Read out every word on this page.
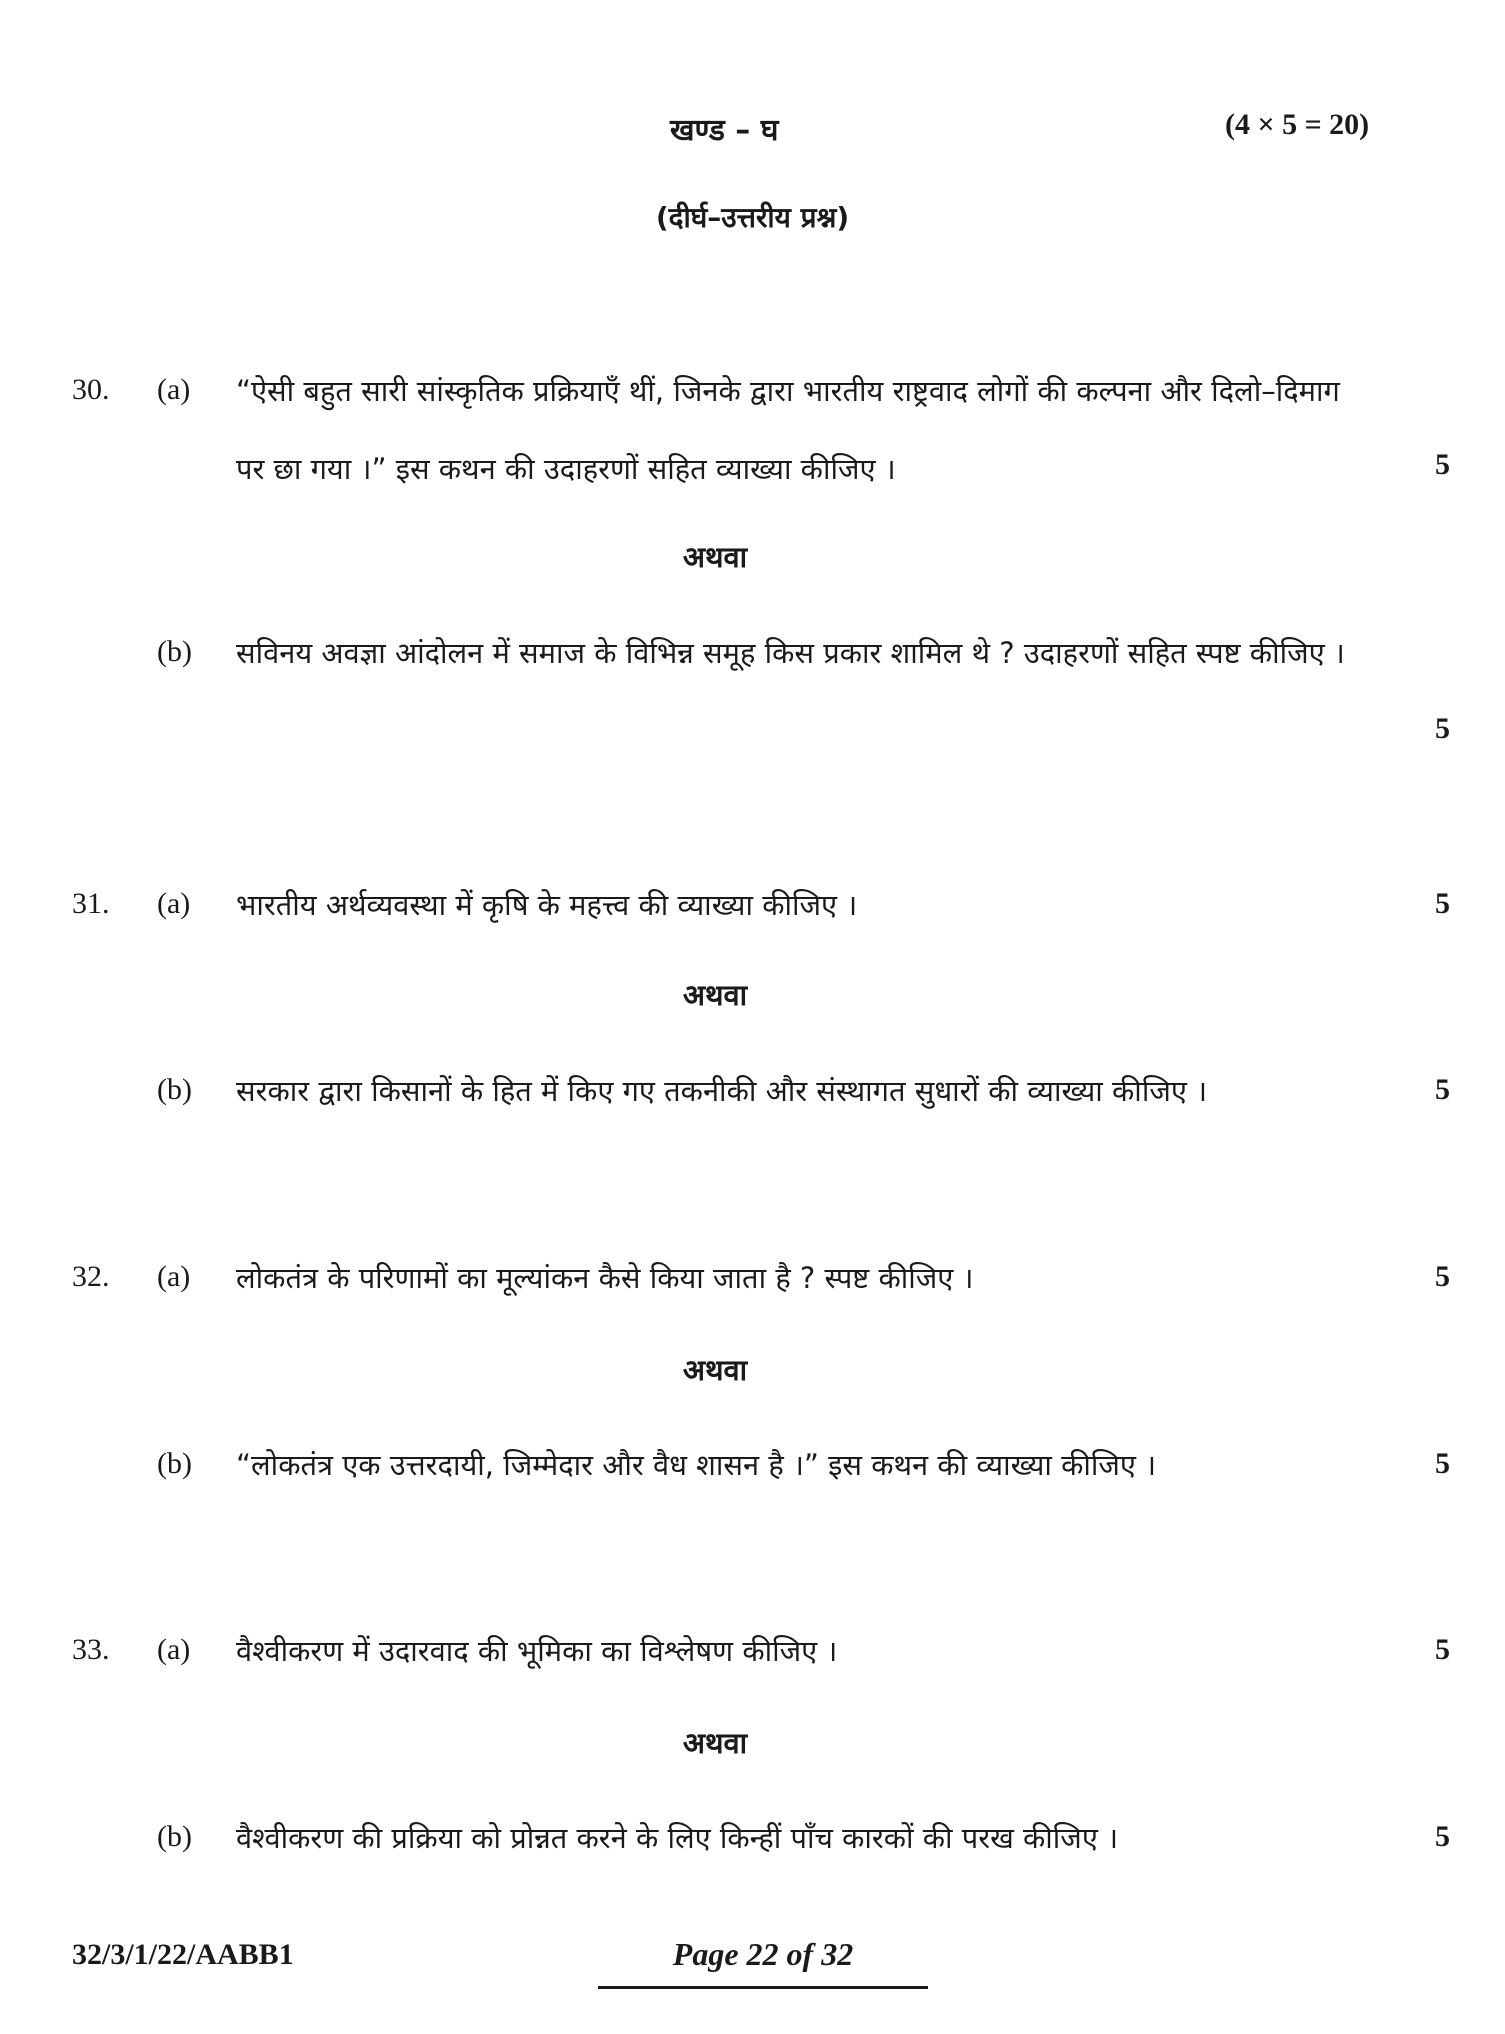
खण्ड – घ	(4 × 5 = 20)
(दीर्घ–उत्तरीय प्रश्न)
30. (a) “ऐसी बहुत सारी सांस्कृतिक प्रक्रियाएँ थीं, जिनके द्वारा भारतीय राष्ट्रवाद लोगों की कल्पना और दिलो–दिमाग पर छा गया ।” इस कथन की उदाहरणों सहित व्याख्या कीजिए ।	5
अथवा
(b) सविनय अवज्ञा आंदोलन में समाज के विभिन्न समूह किस प्रकार शामिल थे ? उदाहरणों सहित स्पष्ट कीजिए ।
5
31. (a) भारतीय अर्थव्यवस्था में कृषि के महत्त्व की व्याख्या कीजिए ।	5
अथवा
(b) सरकार द्वारा किसानों के हित में किए गए तकनीकी और संस्थागत सुधारों की व्याख्या कीजिए ।	5
32. (a) लोकतंत्र के परिणामों का मूल्यांकन कैसे किया जाता है ? स्पष्ट कीजिए ।	5
अथवा
(b) “लोकतंत्र एक उत्तरदायी, जिम्मेदार और वैध शासन है ।” इस कथन की व्याख्या कीजिए ।	5
33. (a) वैश्वीकरण में उदारवाद की भूमिका का विश्लेषण कीजिए ।	5
अथवा
(b) वैश्वीकरण की प्रक्रिया को प्रोन्नत करने के लिए किन्हीं पाँच कारकों की परख कीजिए ।	5
32/3/1/22/AABB1	Page 22 of 32
